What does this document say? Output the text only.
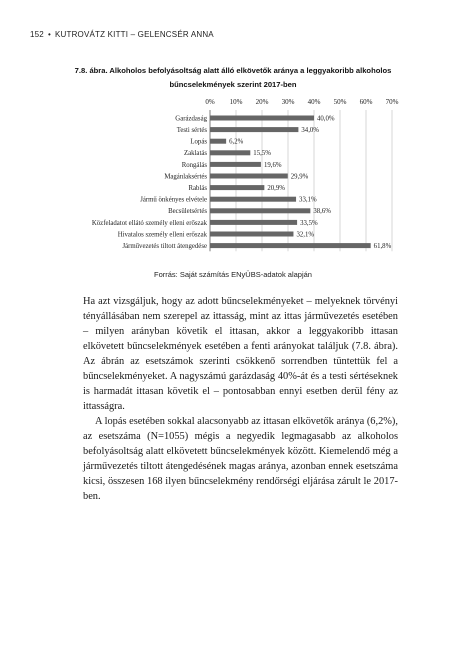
152 • KUTROVÁTZ KITTI – GELENCSÉR ANNA
7.8. ábra. Alkoholos befolyásoltság alatt álló elkövetők aránya a leggyakoribb alkoholos
bűncselekmények szerint 2017-ben
0% 10% 20% 30% 40% 50% 60% 70%
Garázdaság	40,0%
Testi sértés	34,0%
Lopás	6,2%
Zaklatás	15,5%
Rongálás	19,6%
Magánlaksértés	29,9%
Rablás	20,9%
Jármű önkényes elvétele	33,1%
Becsületsértés	38,6%
Közfeladatot ellátó személy elleni erőszak	33,5%
Hivatalos személy elleni erőszak	32,1%
Járművezetés tiltott átengedése	61,8%
Forrás: Saját számítás ENyÜBS-adatok alapján

Ha azt vizsgáljuk, hogy az adott bűncselekményeket – melyeknek törvényi tényállásában nem szerepel az ittasság, mint az ittas járművezetés esetében – milyen arányban követik el ittasan, akkor a leggyakoribb ittasan elkövetett bűncselekmények esetében a fenti arányokat találjuk (7.8. ábra). Az ábrán az esetszámok szerinti csökkenő sorrendben tüntettük fel a bűncselekményeket. A nagyszámú garázdaság 40%-át és a testi sértéseknek is harmadát ittasan követik el – pontosabban ennyi esetben derül fény az ittasságra.

A lopás esetében sokkal alacsonyabb az ittasan elkövetők aránya (6,2%), az esetszáma (N=1055) mégis a negyedik legmagasabb az alkoholos befolyásoltság alatt elkövetett bűncselekmények között. Kiemelendő még a járművezetés tiltott átengedésének magas aránya, azonban ennek esetszáma kicsi, összesen 168 ilyen bűncselekmény rendőrségi eljárása zárult le 2017-ben.
